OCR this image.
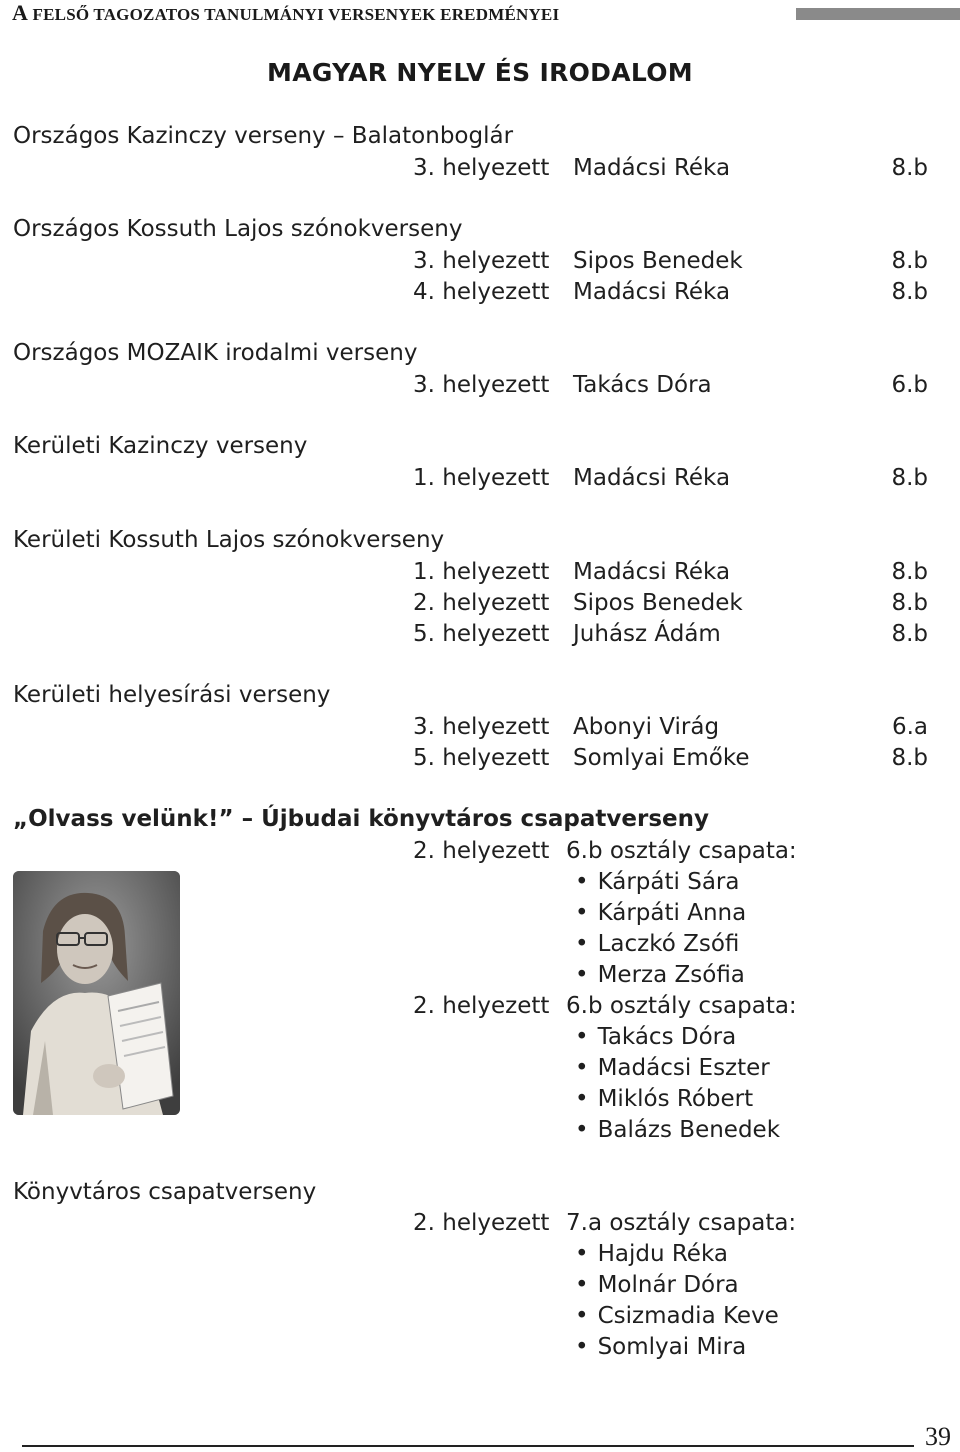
A FELSŐ TAGOZATOS TANULMÁNYI VERSENYEK EREDMÉNYEI
MAGYAR NYELV ÉS IRODALOM
Országos Kazinczy verseny – Balatonboglár
3. helyezett Madácsi Réka	8.b
Országos Kossuth Lajos szónokverseny
3. helyezett Sipos Benedek	8.b
4. helyezett Madácsi Réka	8.b
Országos MOZAIK irodalmi verseny
3. helyezett Takács Dóra	6.b
Kerületi Kazinczy verseny
1. helyezett Madácsi Réka	8.b
Kerületi Kossuth Lajos szónokverseny
1. helyezett Madácsi Réka	8.b
2. helyezett Sipos Benedek	8.b
5. helyezett Juhász Ádám	8.b
Kerületi helyesírási verseny
3. helyezett Abonyi Virág	6.a
5. helyezett Somlyai Emőke	8.b
„Olvass velünk!” – Újbudai könyvtáros csapatverseny
2. helyezett 6.b osztály csapata:
• Kárpáti Sára
• Kárpáti Anna
• Laczkó Zsófi
• Merza Zsófia
2. helyezett 6.b osztály csapata:
• Takács Dóra
• Madácsi Eszter
• Miklós Róbert
• Balázs Benedek
Könyvtáros csapatverseny
2. helyezett 7.a osztály csapata:
• Hajdu Réka
• Molnár Dóra
• Csizmadia Keve
• Somlyai Mira
39
